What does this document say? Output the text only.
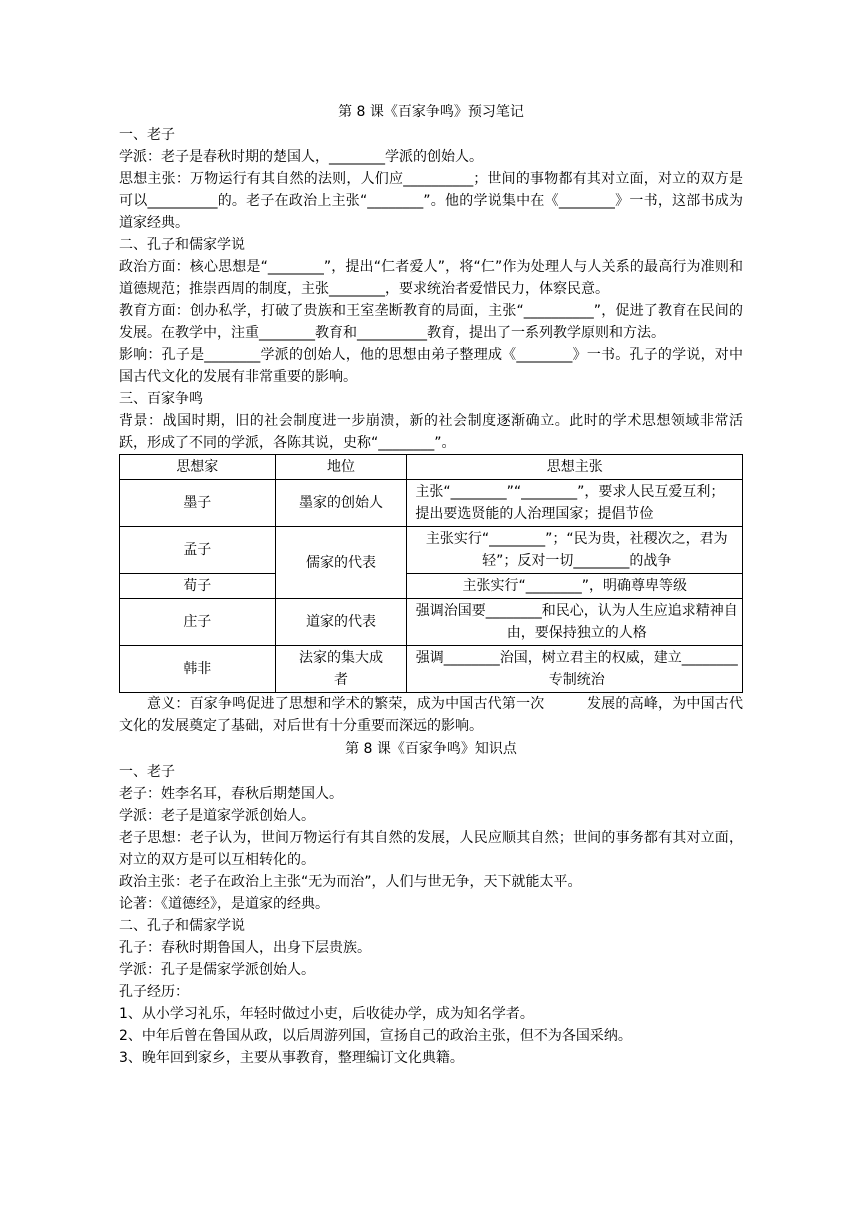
第 8 课《百家争鸣》预习笔记

一、老子

学派：老子是春秋时期的楚国人，________学派的创始人。

思想主张：万物运行有其自然的法则，人们应__________；世间的事物都有其对立面，对立的双方是可以__________的。老子在政治上主张“________”。他的学说集中在《________》一书，这部书成为道家经典。

二、孔子和儒家学说

政治方面：核心思想是“________”，提出“仁者爱人”，将“仁”作为处理人与人关系的最高行为准则和道德规范；推崇西周的制度，主张________，要求统治者爱惜民力，体察民意。

教育方面：创办私学，打破了贵族和王室垄断教育的局面，主张“__________”，促进了教育在民间的发展。在教学中，注重________教育和__________教育，提出了一系列教学原则和方法。

影响：孔子是________学派的创始人，他的思想由弟子整理成《________》一书。孔子的学说，对中国古代文化的发展有非常重要的影响。

三、百家争鸣

背景：战国时期，旧的社会制度进一步崩溃，新的社会制度逐渐确立。此时的学术思想领域非常活跃，形成了不同的学派，各陈其说，史称“________”。

思想家	地位	思想主张
墨子	墨家的创始人	主张“________”“________”，要求人民互爱互利；提出要选贤能的人治理国家；提倡节俭
孟子	儒家的代表	主张实行“________”；“民为贵，社稷次之，君为轻”；反对一切________的战争
荀子		主张实行“________”，明确尊卑等级
庄子	道家的代表	强调治国要________和民心，认为人生应追求精神自由，要保持独立的人格
韩非	法家的集大成者	强调________治国，树立君主的权威，建立________专制统治

意义：百家争鸣促进了思想和学术的繁荣，成为中国古代第一次　　　发展的高峰，为中国古代文化的发展奠定了基础，对后世有十分重要而深远的影响。

第 8 课《百家争鸣》知识点

一、老子

老子：姓李名耳，春秋后期楚国人。

学派：老子是道家学派创始人。

老子思想：老子认为，世间万物运行有其自然的发展，人民应顺其自然；世间的事务都有其对立面，对立的双方是可以互相转化的。

政治主张：老子在政治上主张“无为而治”，人们与世无争，天下就能太平。

论著：《道德经》，是道家的经典。

二、孔子和儒家学说

孔子：春秋时期鲁国人，出身下层贵族。

学派：孔子是儒家学派创始人。

孔子经历：

1、从小学习礼乐，年轻时做过小吏，后收徒办学，成为知名学者。

2、中年后曾在鲁国从政，以后周游列国，宣扬自己的政治主张，但不为各国采纳。

3、晚年回到家乡，主要从事教育，整理编订文化典籍。
